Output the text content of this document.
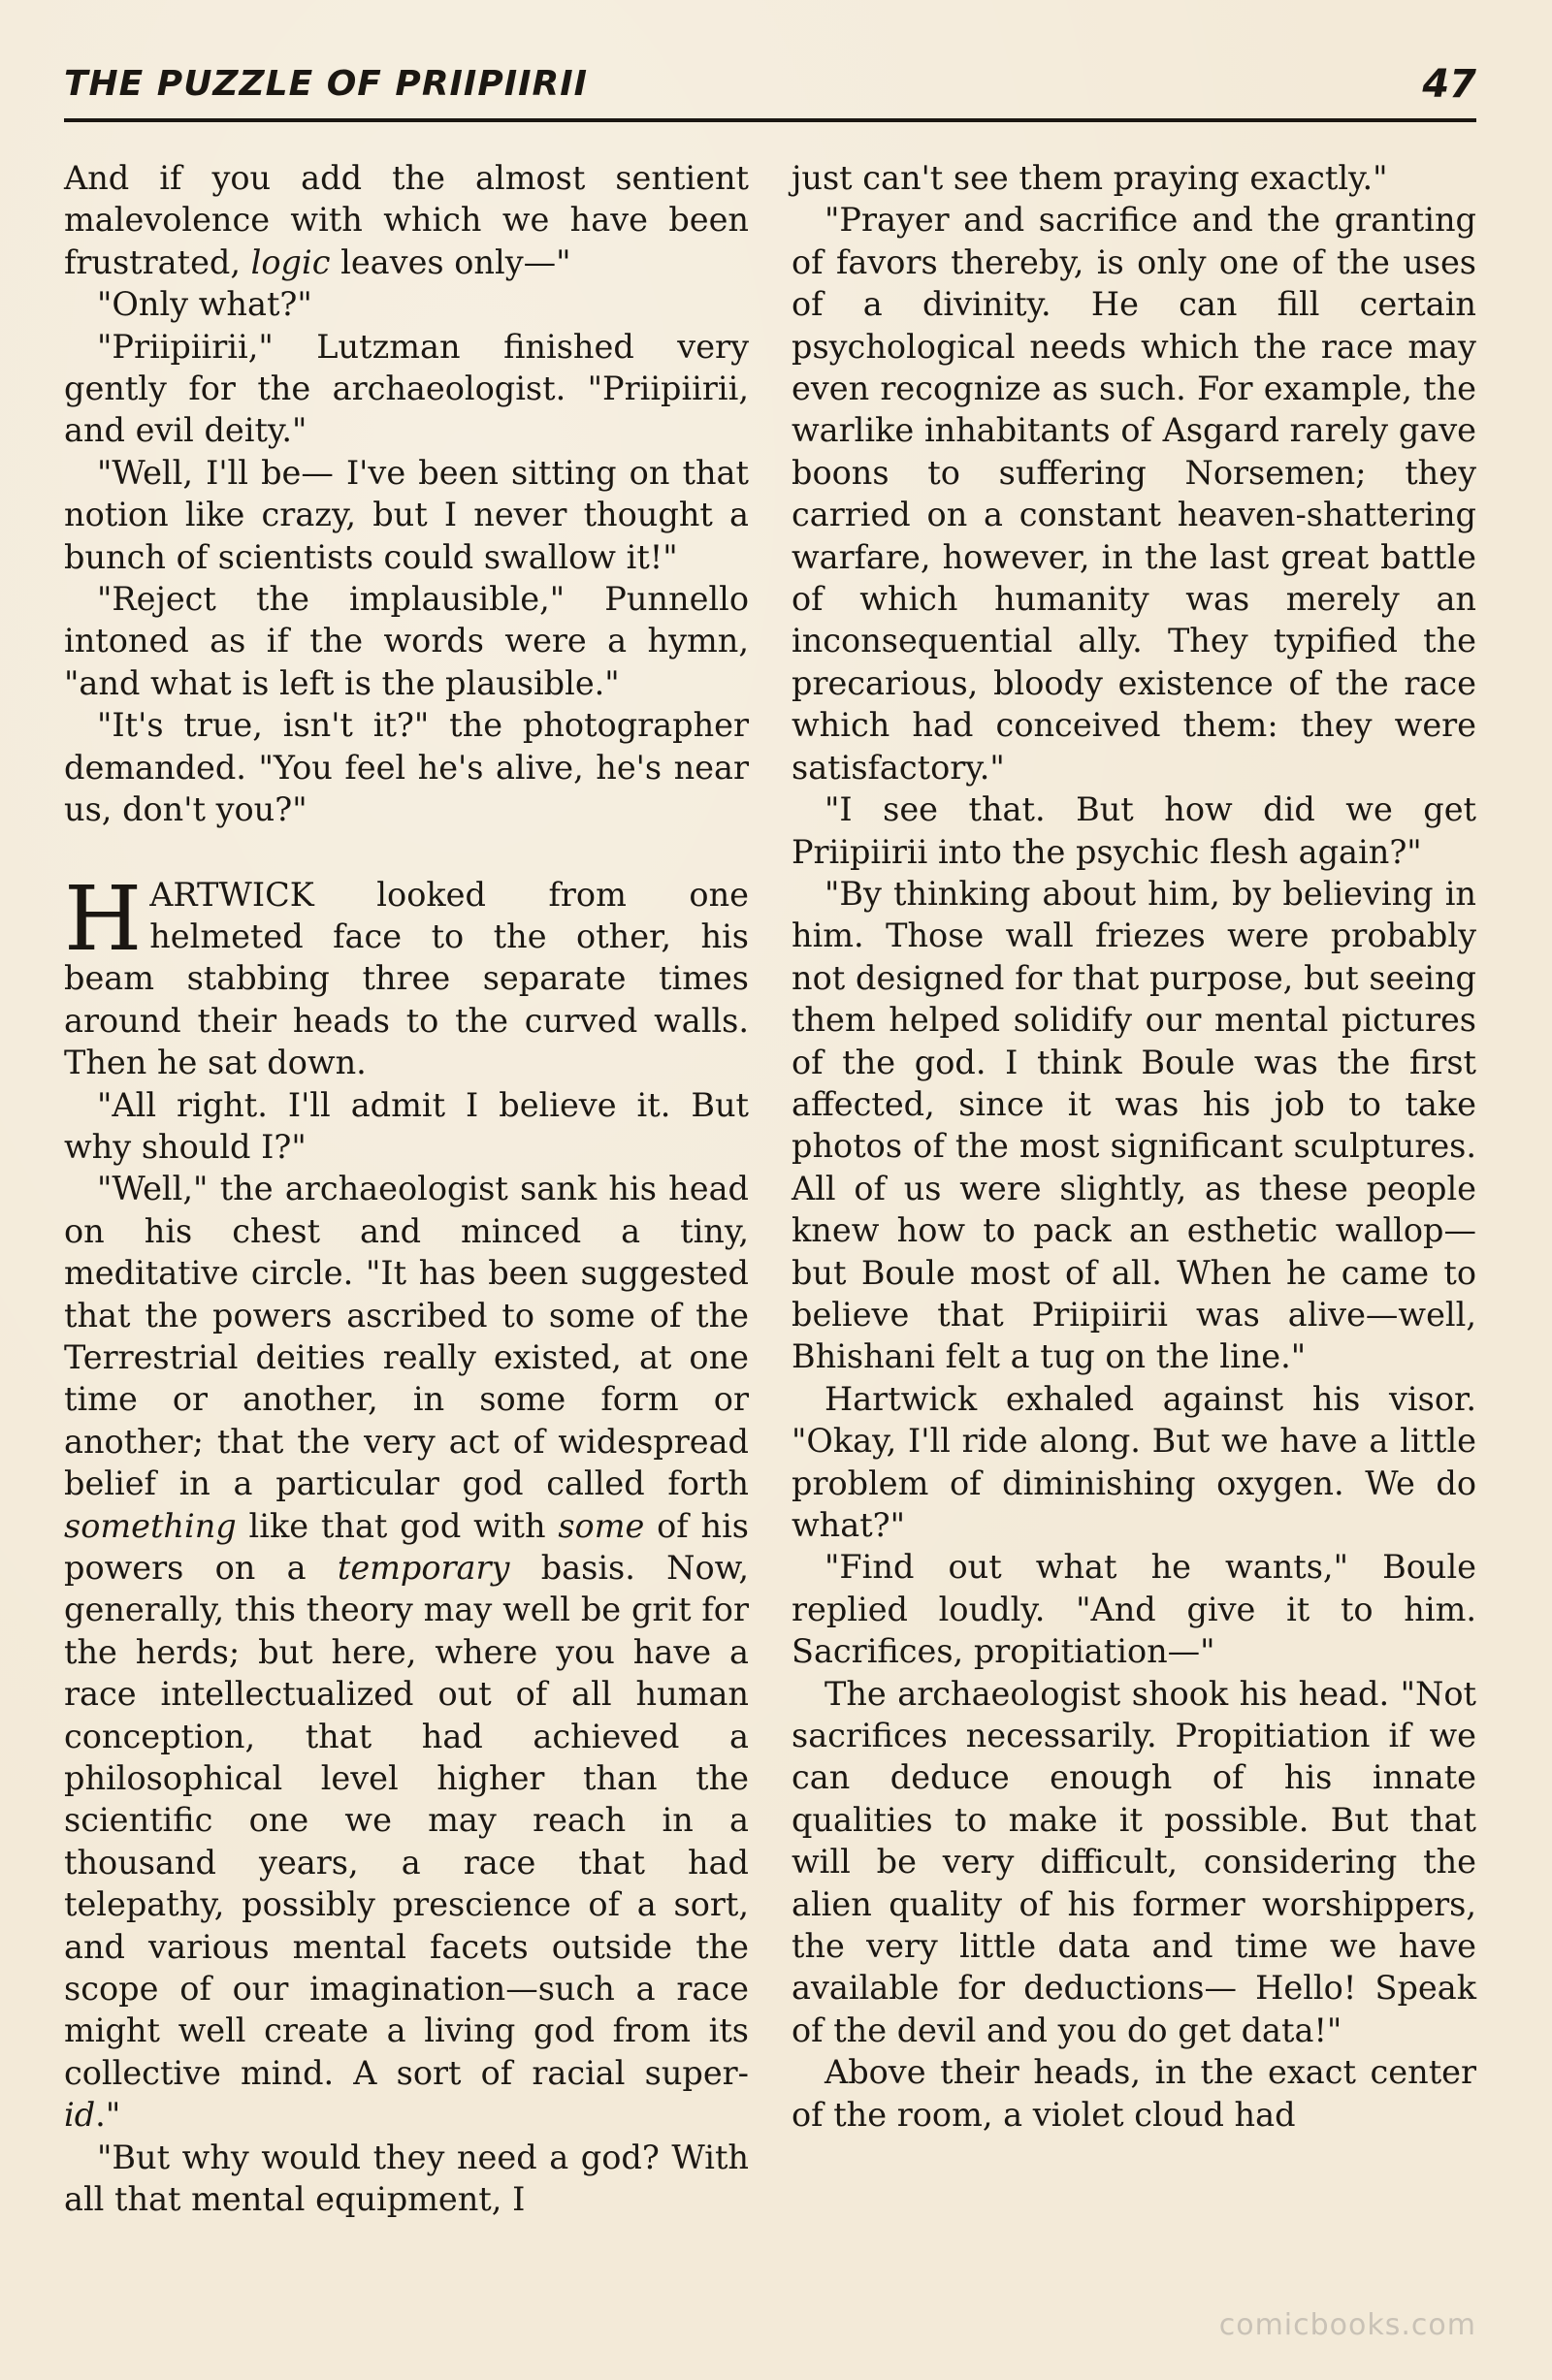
THE PUZZLE OF PRIIPIIRII	47

And if you add the almost sentient malevolence with which we have been frustrated, logic leaves only—"

"Only what?"

"Priipiirii," Lutzman finished very gently for the archaeologist. "Priipiirii, and evil deity."

"Well, I'll be— I've been sitting on that notion like crazy, but I never thought a bunch of scientists could swallow it!"

"Reject the implausible," Punnello intoned as if the words were a hymn, "and what is left is the plausible."

"It's true, isn't it?" the photographer demanded. "You feel he's alive, he's near us, don't you?"

HARTWICK looked from one helmeted face to the other, his beam stabbing three separate times around their heads to the curved walls. Then he sat down.

"All right. I'll admit I believe it. But why should I?"

"Well," the archaeologist sank his head on his chest and minced a tiny, meditative circle. "It has been suggested that the powers ascribed to some of the Terrestrial deities really existed, at one time or another, in some form or another; that the very act of widespread belief in a particular god called forth something like that god with some of his powers on a temporary basis. Now, generally, this theory may well be grit for the herds; but here, where you have a race intellectualized out of all human conception, that had achieved a philosophical level higher than the scientific one we may reach in a thousand years, a race that had telepathy, possibly prescience of a sort, and various mental facets outside the scope of our imagination—such a race might well create a living god from its collective mind. A sort of racial super-id."

"But why would they need a god? With all that mental equipment, I

just can't see them praying exactly."

"Prayer and sacrifice and the granting of favors thereby, is only one of the uses of a divinity. He can fill certain psychological needs which the race may even recognize as such. For example, the warlike inhabitants of Asgard rarely gave boons to suffering Norsemen; they carried on a constant heaven-shattering warfare, however, in the last great battle of which humanity was merely an inconsequential ally. They typified the precarious, bloody existence of the race which had conceived them: they were satisfactory."

"I see that. But how did we get Priipiirii into the psychic flesh again?"

"By thinking about him, by believing in him. Those wall friezes were probably not designed for that purpose, but seeing them helped solidify our mental pictures of the god. I think Boule was the first affected, since it was his job to take photos of the most significant sculptures. All of us were slightly, as these people knew how to pack an esthetic wallop—but Boule most of all. When he came to believe that Priipiirii was alive—well, Bhishani felt a tug on the line."

Hartwick exhaled against his visor. "Okay, I'll ride along. But we have a little problem of diminishing oxygen. We do what?"

"Find out what he wants," Boule replied loudly. "And give it to him. Sacrifices, propitiation—"

The archaeologist shook his head. "Not sacrifices necessarily. Propitiation if we can deduce enough of his innate qualities to make it possible. But that will be very difficult, considering the alien quality of his former worshippers, the very little data and time we have available for deductions— Hello! Speak of the devil and you do get data!"

Above their heads, in the exact center of the room, a violet cloud had

comicbooks.com
